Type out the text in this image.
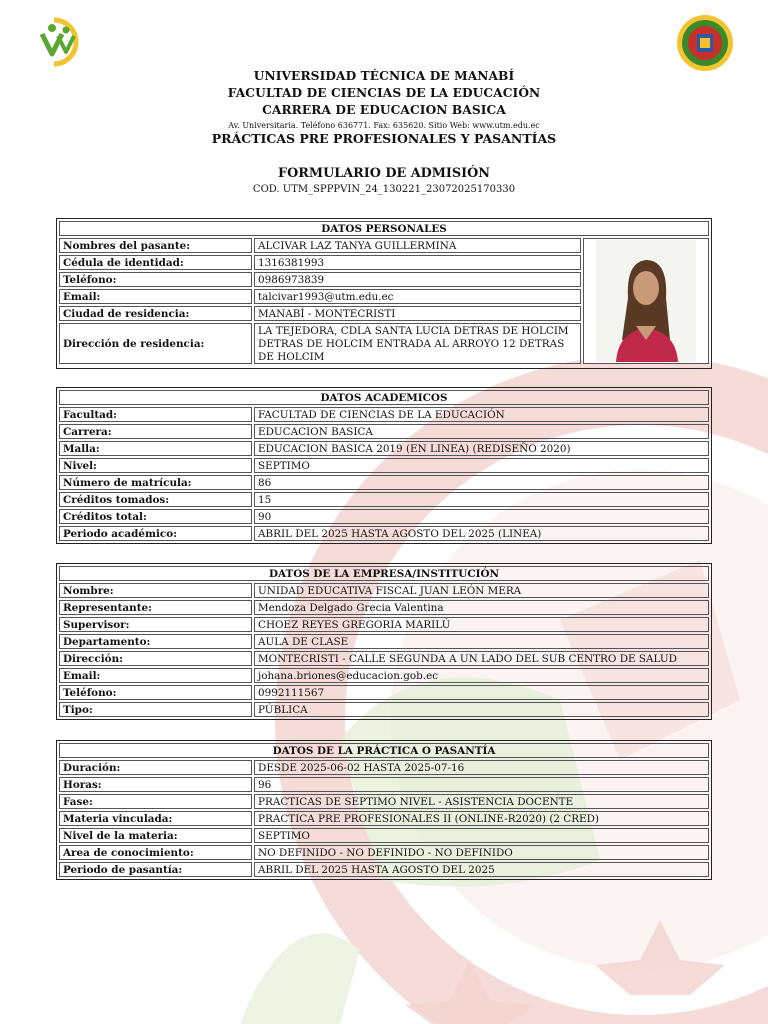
UNIVERSIDAD TÉCNICA DE MANABÍ
FACULTAD DE CIENCIAS DE LA EDUCACIÓN
CARRERA DE EDUCACION BASICA
Av. Universitaria. Teléfono 636771. Fax: 635620. Sitio Web: www.utm.edu.ec
PRÁCTICAS PRE PROFESIONALES Y PASANTÍAS
FORMULARIO DE ADMISIÓN
COD. UTM_SPPPVIN_24_130221_23072025170330
DATOS PERSONALES
Nombres del pasante:	ALCIVAR LAZ TANYA GUILLERMINA
Cédula de identidad:	1316381993
Teléfono:	0986973839
Email:	talcivar1993@utm.edu.ec
Ciudad de residencia:	MANABÍ - MONTECRISTI
Dirección de residencia:
LA TEJEDORA, CDLA SANTA LUCIA DETRAS DE HOLCIM DETRAS DE HOLCIM ENTRADA AL ARROYO 12 DETRAS DE HOLCIM
DATOS ACADEMICOS
Facultad:	FACULTAD DE CIENCIAS DE LA EDUCACIÓN
Carrera:	EDUCACION BASICA
Malla:	EDUCACION BASICA 2019 (EN LINEA) (REDISEÑO 2020)
Nivel:	SEPTIMO
Número de matrícula:	86
Créditos tomados:	15
Créditos total:	90
Periodo académico:	ABRIL DEL 2025 HASTA AGOSTO DEL 2025 (LINEA)
DATOS DE LA EMPRESA/INSTITUCIÓN
Nombre:	UNIDAD EDUCATIVA FISCAL JUAN LEÓN MERA
Representante:	Mendoza Delgado Grecia Valentina
Supervisor:	CHOEZ REYES GREGORIA MARILÚ
Departamento:	AULA DE CLASE
Dirección:	MONTECRISTI - CALLE SEGUNDA A UN LADO DEL SUB CENTRO DE SALUD
Email:	johana.briones@educacion.gob.ec
Teléfono:	0992111567
Tipo:	PÚBLICA
DATOS DE LA PRÁCTICA O PASANTÍA
Duración:	DESDE 2025-06-02 HASTA 2025-07-16
Horas:	96
Fase:	PRACTICAS DE SEPTIMO NIVEL - ASISTENCIA DOCENTE
Materia vinculada:	PRACTICA PRE PROFESIONALES II (ONLINE-R2020) (2 CRED)
Nivel de la materia:	SEPTIMO
Area de conocimiento:	NO DEFINIDO - NO DEFINIDO - NO DEFINIDO
Periodo de pasantía:	ABRIL DEL 2025 HASTA AGOSTO DEL 2025
